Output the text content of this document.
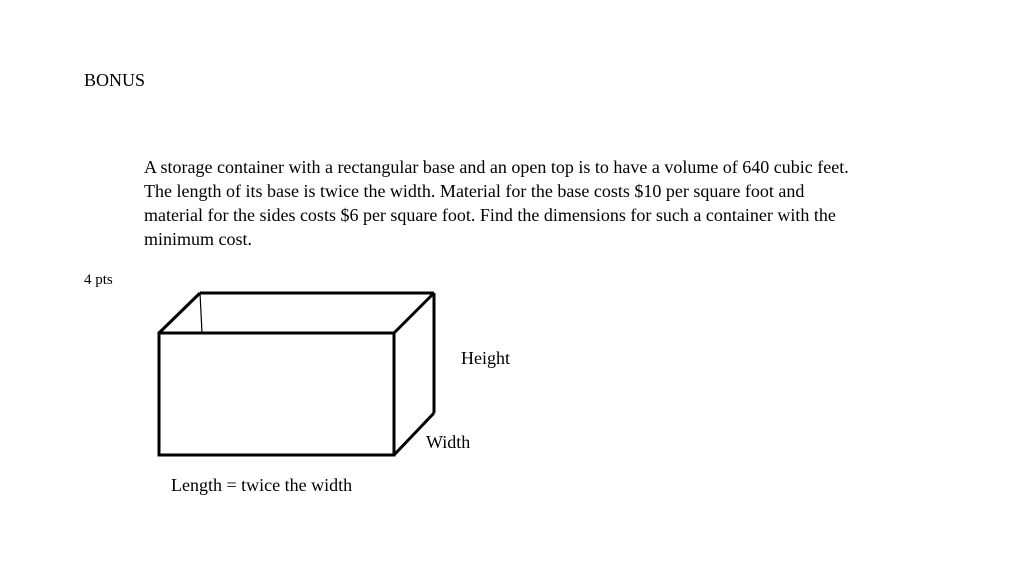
BONUS
A storage container with a rectangular base and an open top is to have a volume of 640 cubic feet.
The length of its base is twice the width. Material for the base costs $10 per square foot and
material for the sides costs $6 per square foot. Find the dimensions for such a container with the
minimum cost.
4 pts
Height
Width
Length = twice the width
